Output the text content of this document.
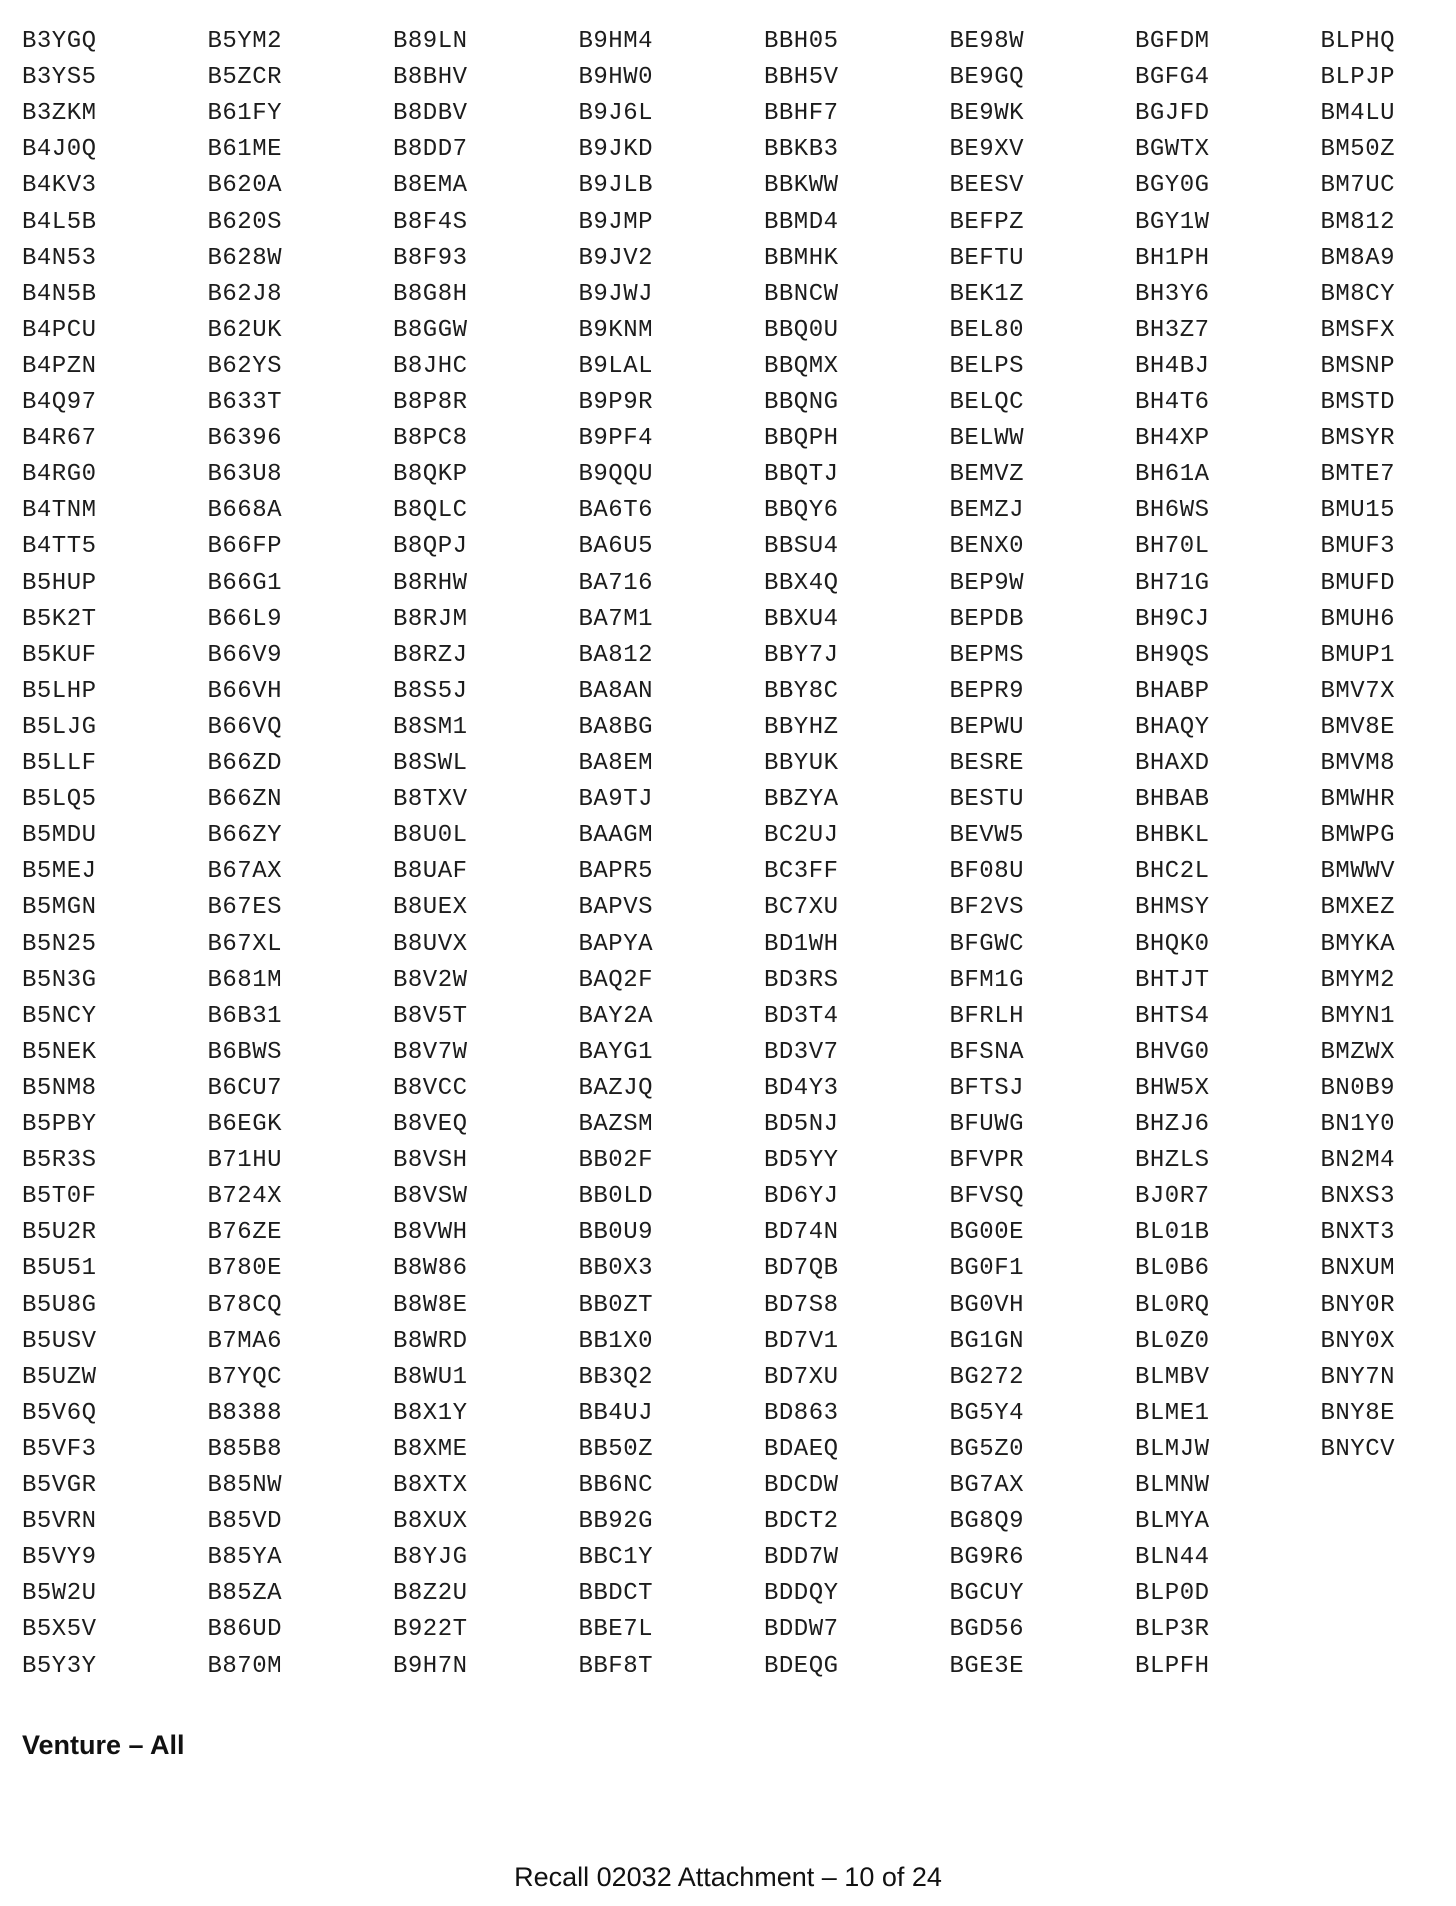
B3YGQ
B3YS5
B3ZKM
B4J0Q
B4KV3
B4L5B
B4N53
B4N5B
B4PCU
B4PZN
B4Q97
B4R67
B4RG0
B4TNM
B4TT5
B5HUP
B5K2T
B5KUF
B5LHP
B5LJG
B5LLF
B5LQ5
B5MDU
B5MEJ
B5MGN
B5N25
B5N3G
B5NCY
B5NEK
B5NM8
B5PBY
B5R3S
B5T0F
B5U2R
B5U51
B5U8G
B5USV
B5UZW
B5V6Q
B5VF3
B5VGR
B5VRN
B5VY9
B5W2U
B5X5V
B5Y3Y
B5YM2
B5ZCR
B61FY
B61ME
B620A
B620S
B628W
B62J8
B62UK
B62YS
B633T
B6396
B63U8
B668A
B66FP
B66G1
B66L9
B66V9
B66VH
B66VQ
B66ZD
B66ZN
B66ZY
B67AX
B67ES
B67XL
B681M
B6B31
B6BWS
B6CU7
B6EGK
B71HU
B724X
B76ZE
B780E
B78CQ
B7MA6
B7YQC
B8388
B85B8
B85NW
B85VD
B85YA
B85ZA
B86UD
B870M
B89LN
B8BHV
B8DBV
B8DD7
B8EMA
B8F4S
B8F93
B8G8H
B8GGW
B8JHC
B8P8R
B8PC8
B8QKP
B8QLC
B8QPJ
B8RHW
B8RJM
B8RZJ
B8S5J
B8SM1
B8SWL
B8TXV
B8U0L
B8UAF
B8UEX
B8UVX
B8V2W
B8V5T
B8V7W
B8VCC
B8VEQ
B8VSH
B8VSW
B8VWH
B8W86
B8W8E
B8WRD
B8WU1
B8X1Y
B8XME
B8XTX
B8XUX
B8YJG
B8Z2U
B922T
B9H7N
B9HM4
B9HW0
B9J6L
B9JKD
B9JLB
B9JMP
B9JV2
B9JWJ
B9KNM
B9LAL
B9P9R
B9PF4
B9QQU
BA6T6
BA6U5
BA716
BA7M1
BA812
BA8AN
BA8BG
BA8EM
BA9TJ
BAAGM
BAPR5
BAPVS
BAPYA
BAQ2F
BAY2A
BAYG1
BAZJQ
BAZSM
BB02F
BB0LD
BB0U9
BB0X3
BB0ZT
BB1X0
BB3Q2
BB4UJ
BB50Z
BB6NC
BB92G
BBC1Y
BBDCT
BBE7L
BBF8T
BBH05
BBH5V
BBHF7
BBKB3
BBKWW
BBMD4
BBMHK
BBNCW
BBQ0U
BBQMX
BBQNG
BBQPH
BBQTJ
BBQY6
BBSU4
BBX4Q
BBXU4
BBY7J
BBY8C
BBYHZ
BBYUK
BBZYA
BC2UJ
BC3FF
BC7XU
BD1WH
BD3RS
BD3T4
BD3V7
BD4Y3
BD5NJ
BD5YY
BD6YJ
BD74N
BD7QB
BD7S8
BD7V1
BD7XU
BD863
BDAEQ
BDCDW
BDCT2
BDD7W
BDDQY
BDDW7
BDEQG
BE98W
BE9GQ
BE9WK
BE9XV
BEESV
BEFPZ
BEFTU
BEK1Z
BEL80
BELPS
BELQC
BELWW
BEMVZ
BEMZJ
BENX0
BEP9W
BEPDB
BEPMS
BEPR9
BEPWU
BESRE
BESTU
BEVW5
BF08U
BF2VS
BFGWC
BFM1G
BFRLH
BFSNA
BFTSJ
BFUWG
BFVPR
BFVSQ
BG00E
BG0F1
BG0VH
BG1GN
BG272
BG5Y4
BG5Z0
BG7AX
BG8Q9
BG9R6
BGCUY
BGD56
BGE3E
BGFDM
BGFG4
BGJFD
BGWTX
BGY0G
BGY1W
BH1PH
BH3Y6
BH3Z7
BH4BJ
BH4T6
BH4XP
BH61A
BH6WS
BH70L
BH71G
BH9CJ
BH9QS
BHABP
BHAQY
BHAXD
BHBAB
BHBKL
BHC2L
BHMSY
BHQK0
BHTJT
BHTS4
BHVG0
BHW5X
BHZJ6
BHZLS
BJ0R7
BL01B
BL0B6
BL0RQ
BL0Z0
BLMBV
BLME1
BLMJW
BLMNW
BLMYA
BLN44
BLP0D
BLP3R
BLPFH
BLPHQ
BLPJP
BM4LU
BM50Z
BM7UC
BM812
BM8A9
BM8CY
BMSFX
BMSNP
BMSTD
BMSYR
BMTE7
BMU15
BMUF3
BMUFD
BMUH6
BMUP1
BMV7X
BMV8E
BMVM8
BMWHR
BMWPG
BMWWV
BMXEZ
BMYKA
BMYM2
BMYN1
BMZWX
BN0B9
BN1Y0
BN2M4
BNXS3
BNXT3
BNXUM
BNY0R
BNY0X
BNY7N
BNY8E
BNYCV
Venture – All
Recall 02032 Attachment – 10 of 24
